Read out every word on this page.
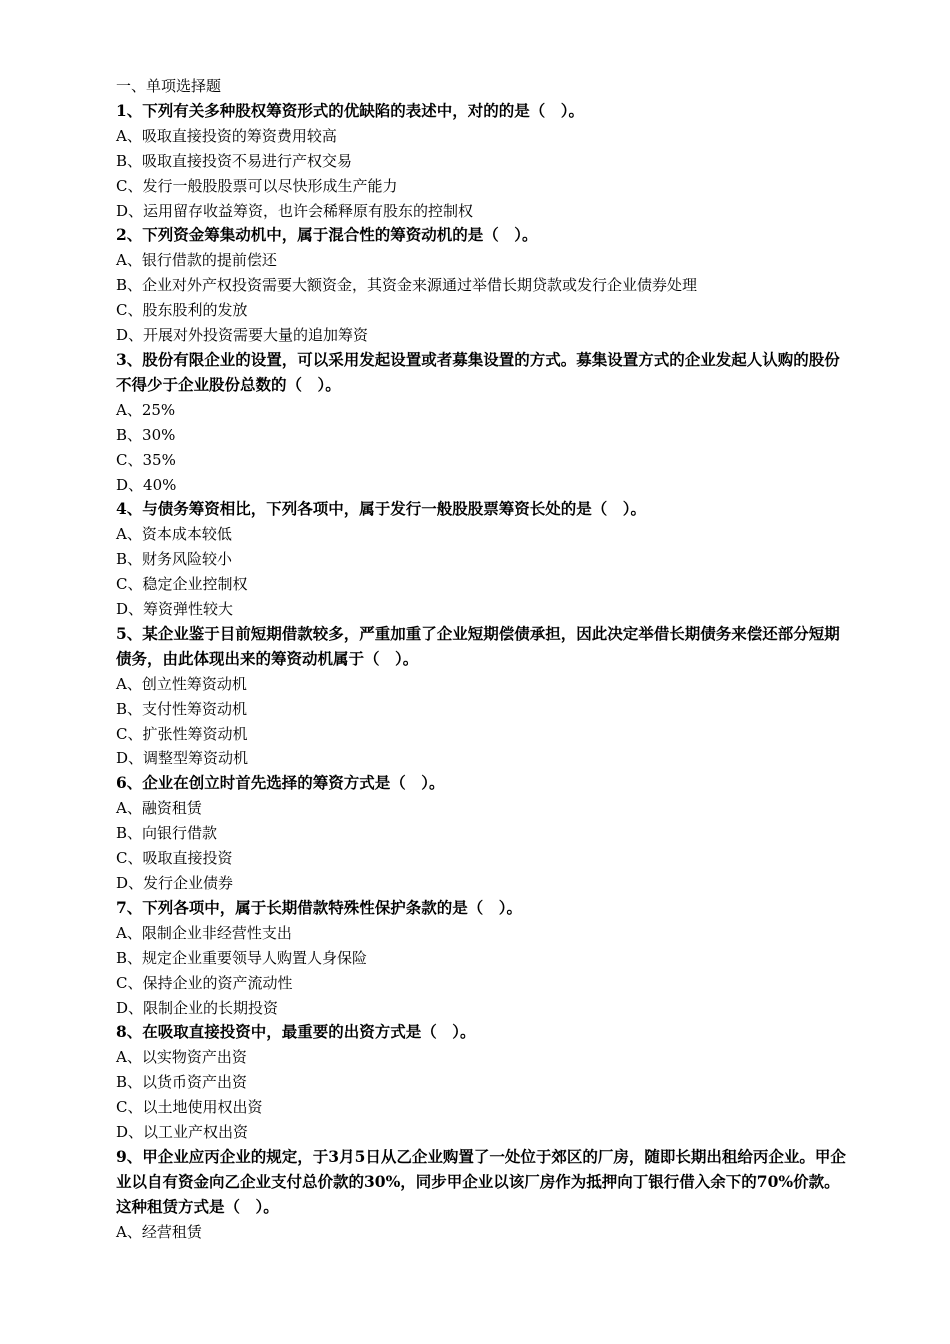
一、单项选择题
1、下列有关多种股权筹资形式的优缺陷的表述中，对的的是（　）。
A、吸取直接投资的筹资费用较高
B、吸取直接投资不易进行产权交易
C、发行一般股股票可以尽快形成生产能力
D、运用留存收益筹资，也许会稀释原有股东的控制权
2、下列资金筹集动机中，属于混合性的筹资动机的是（　）。
A、银行借款的提前偿还
B、企业对外产权投资需要大额资金，其资金来源通过举借长期贷款或发行企业债券处理
C、股东股利的发放
D、开展对外投资需要大量的追加筹资
3、股份有限企业的设置，可以采用发起设置或者募集设置的方式。募集设置方式的企业发起人认购的股份不得少于企业股份总数的（　）。
A、25%
B、30%
C、35%
D、40%
4、与债务筹资相比，下列各项中，属于发行一般股股票筹资长处的是（　）。
A、资本成本较低
B、财务风险较小
C、稳定企业控制权
D、筹资弹性较大
5、某企业鉴于目前短期借款较多，严重加重了企业短期偿债承担，因此决定举借长期债务来偿还部分短期债务，由此体现出来的筹资动机属于（　）。
A、创立性筹资动机
B、支付性筹资动机
C、扩张性筹资动机
D、调整型筹资动机
6、企业在创立时首先选择的筹资方式是（　）。
A、融资租赁
B、向银行借款
C、吸取直接投资
D、发行企业债券
7、下列各项中，属于长期借款特殊性保护条款的是（　）。
A、限制企业非经营性支出
B、规定企业重要领导人购置人身保险
C、保持企业的资产流动性
D、限制企业的长期投资
8、在吸取直接投资中，最重要的出资方式是（　）。
A、以实物资产出资
B、以货币资产出资
C、以土地使用权出资
D、以工业产权出资
9、甲企业应丙企业的规定，于3月5日从乙企业购置了一处位于郊区的厂房，随即长期出租给丙企业。甲企业以自有资金向乙企业支付总价款的30%，同步甲企业以该厂房作为抵押向丁银行借入余下的70%价款。这种租赁方式是（　）。
A、经营租赁
